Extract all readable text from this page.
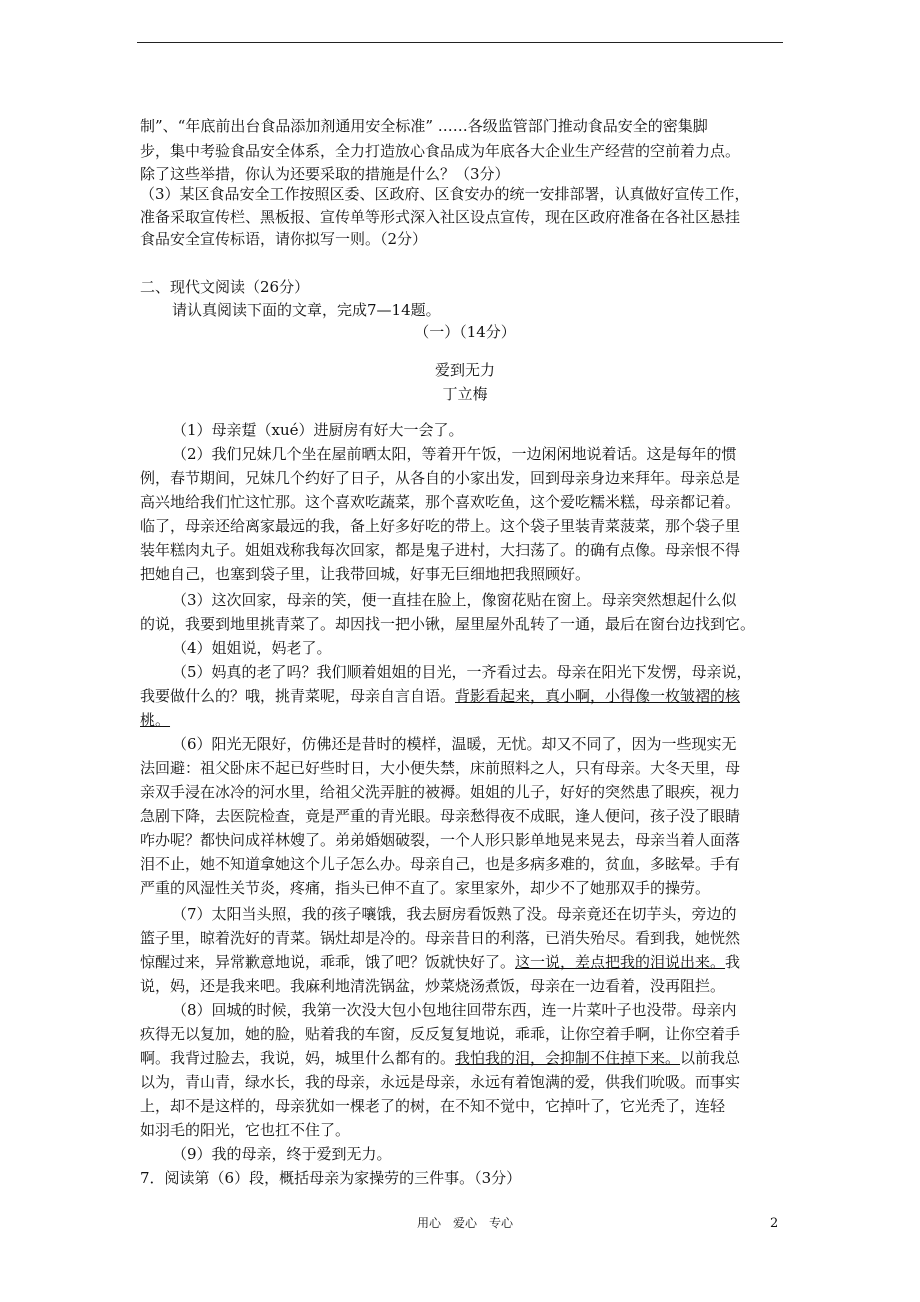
制”、“年底前出台食品添加剂通用安全标准” ……各级监管部门推动食品安全的密集脚
步，集中考验食品安全体系，全力打造放心食品成为年底各大企业生产经营的空前着力点。
除了这些举措，你认为还要采取的措施是什么？（3分）
（3）某区食品安全工作按照区委、区政府、区食安办的统一安排部署，认真做好宣传工作，
准备采取宣传栏、黑板报、宣传单等形式深入社区设点宣传，现在区政府准备在各社区悬挂
食品安全宣传标语，请你拟写一则。（2分）
二、现代文阅读（26分）
请认真阅读下面的文章，完成7—14题。
（一）（14分）
爱到无力
丁立梅
（1）母亲踅（xué）进厨房有好大一会了。
（2）我们兄妹几个坐在屋前晒太阳，等着开午饭，一边闲闲地说着话。这是每年的惯
例，春节期间，兄妹几个约好了日子，从各自的小家出发，回到母亲身边来拜年。母亲总是
高兴地给我们忙这忙那。这个喜欢吃蔬菜，那个喜欢吃鱼，这个爱吃糯米糕，母亲都记着。
临了，母亲还给离家最远的我，备上好多好吃的带上。这个袋子里装青菜菠菜，那个袋子里
装年糕肉丸子。姐姐戏称我每次回家，都是鬼子进村，大扫荡了。的确有点像。母亲恨不得
把她自己，也塞到袋子里，让我带回城，好事无巨细地把我照顾好。
（3）这次回家，母亲的笑，便一直挂在脸上，像窗花贴在窗上。母亲突然想起什么似
的说，我要到地里挑青菜了。却因找一把小锹，屋里屋外乱转了一通，最后在窗台边找到它。
（4）姐姐说，妈老了。
（5）妈真的老了吗？我们顺着姐姐的目光，一齐看过去。母亲在阳光下发愣，母亲说，
我要做什么的？哦，挑青菜呢，母亲自言自语。背影看起来，真小啊，小得像一枚皱褶的核
桃。
（6）阳光无限好，仿佛还是昔时的模样，温暖，无忧。却又不同了，因为一些现实无
法回避：祖父卧床不起已好些时日，大小便失禁，床前照料之人，只有母亲。大冬天里，母
亲双手浸在冰冷的河水里，给祖父洗弄脏的被褥。姐姐的儿子，好好的突然患了眼疾，视力
急剧下降，去医院检查，竟是严重的青光眼。母亲愁得夜不成眠，逢人便问，孩子没了眼睛
咋办呢？都快问成祥林嫂了。弟弟婚姻破裂，一个人形只影单地晃来晃去，母亲当着人面落
泪不止，她不知道拿她这个儿子怎么办。母亲自己，也是多病多难的，贫血，多眩晕。手有
严重的风湿性关节炎，疼痛，指头已伸不直了。家里家外，却少不了她那双手的操劳。
（7）太阳当头照，我的孩子嚷饿，我去厨房看饭熟了没。母亲竟还在切芋头，旁边的
篮子里，晾着洗好的青菜。锅灶却是冷的。母亲昔日的利落，已消失殆尽。看到我，她恍然
惊醒过来，异常歉意地说，乖乖，饿了吧？饭就快好了。这一说，差点把我的泪说出来。我
说，妈，还是我来吧。我麻利地清洗锅盆，炒菜烧汤煮饭，母亲在一边看着，没再阻拦。
（8）回城的时候，我第一次没大包小包地往回带东西，连一片菜叶子也没带。母亲内
疚得无以复加，她的脸，贴着我的车窗，反反复复地说，乖乖，让你空着手啊，让你空着手
啊。我背过脸去，我说，妈，城里什么都有的。我怕我的泪，会抑制不住掉下来。以前我总
以为，青山青，绿水长，我的母亲，永远是母亲，永远有着饱满的爱，供我们吮吸。而事实
上，却不是这样的，母亲犹如一棵老了的树，在不知不觉中，它掉叶了，它光秃了，连轻
如羽毛的阳光，它也扛不住了。
（9）我的母亲，终于爱到无力。
7．阅读第（6）段，概括母亲为家操劳的三件事。（3分）
用心　爱心　专心	2
